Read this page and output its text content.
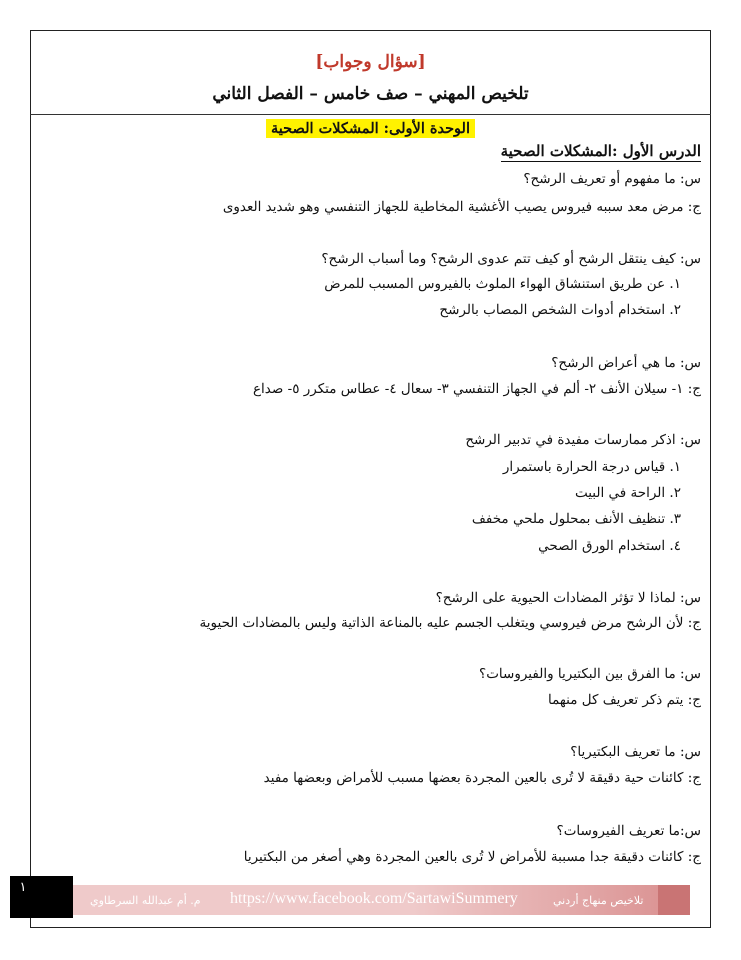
[سؤال وجواب]
تلخيص المهني – صف خامس – الفصل الثاني
الوحدة الأولى: المشكلات الصحية
الدرس الأول :المشكلات الصحية
س: ما مفهوم أو تعريف الرشح؟
ج: مرض معد سببه فيروس يصيب الأغشية المخاطية للجهاز التنفسي وهو شديد العدوى
س: كيف ينتقل الرشح أو كيف تتم عدوى الرشح؟ وما أسباب الرشح؟
١. عن طريق استنشاق الهواء الملوث بالفيروس المسبب للمرض
٢. استخدام أدوات الشخص المصاب بالرشح
س: ما هي أعراض الرشح؟
ج: ١- سيلان الأنف ٢- ألم في الجهاز التنفسي ٣- سعال ٤- عطاس متكرر ٥- صداع
س: اذكر ممارسات مفيدة في تدبير الرشح
١. قياس درجة الحرارة باستمرار
٢. الراحة في البيت
٣. تنظيف الأنف بمحلول ملحي مخفف
٤. استخدام الورق الصحي
س: لماذا لا تؤثر المضادات الحيوية على الرشح؟
ج: لأن الرشح مرض فيروسي ويتغلب الجسم عليه بالمناعة الذاتية وليس بالمضادات الحيوية
س: ما الفرق بين البكتيريا والفيروسات؟
ج: يتم ذكر تعريف كل منهما
س: ما تعريف البكتيريا؟
ج: كائنات حية دقيقة لا تُرى بالعين المجردة بعضها مسبب للأمراض وبعضها مفيد
س:ما تعريف الفيروسات؟
ج: كائنات دقيقة جدا مسببة للأمراض لا تُرى بالعين المجردة وهي أصغر من البكتيريا
١
م. أم عبدالله السرطاوي https://www.facebook.com/SartawiSummery	تلاخيص منهاج أردني
